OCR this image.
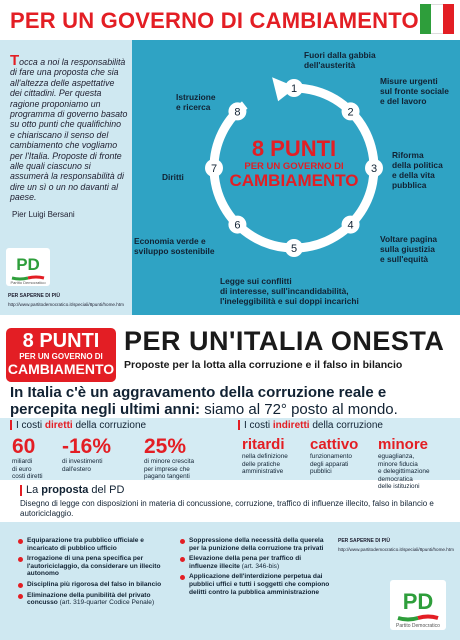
PER UN GOVERNO DI CAMBIAMENTO
Tocca a noi la responsabilità di fare una proposta che sia all'altezza delle aspettative dei cittadini. Per questa ragione proponiamo un programma di governo basato su otto punti che qualifichino e chiariscano il senso del cambiamento che vogliamo per l'Italia. Proposte di fronte alle quali ciascuno si assumerà la responsabilità di dire un sì o un no davanti al paese.
Pier Luigi Bersani
PD
Partito Democratico
PER SAPERNE DI PIÙ
http://www.partitodemocratico.it/speciali/8punti/home.htm
8 PUNTI
PER UN GOVERNO DI
CAMBIAMENTO
1
Fuori dalla gabbia dell'austerità
2
Misure urgenti sul fronte sociale e del lavoro
3
Riforma della politica e della vita pubblica
4
Voltare pagina sulla giustizia e sull'equità
5
Legge sui conflitti di interesse, sull'incandidabilità, l'ineleggibilità e sui doppi incarichi
6
Economia verde e sviluppo sostenibile
7
Diritti
8
Istruzione e ricerca
8 PUNTI
PER UN GOVERNO DI
CAMBIAMENTO
PER UN'ITALIA ONESTA
Proposte per la lotta alla corruzione e il falso in bilancio
In Italia c'è un aggravamento della corruzione reale e percepita negli ultimi anni: siamo al 72° posto al mondo.
I costi diretti della corruzione	I costi indiretti della corruzione
60
miliardi
di euro
costi diretti
-16%
di investimenti
dall'estero
25%
di minore crescita
per imprese che
pagano tangenti
ritardi
nella definizione
delle pratiche
amministrative
cattivo
funzionamento
degli apparati
pubblici
minore
eguaglianza,
minore fiducia
e delegittimazione
democratica
delle istituzioni
La proposta del PD
Disegno di legge con disposizioni in materia di concussione, corruzione, traffico di influenze illecito, falso in bilancio e autoriciclaggio.
Equiparazione tra pubblico ufficiale e incaricato di pubblico ufficio
Irrogazione di una pena specifica per l'autoriciclaggio, da considerare un illecito autonomo
Disciplina più rigorosa del falso in bilancio
Eliminazione della punibilità del privato concusso (art. 319-quarter Codice Penale)
Soppressione della necessità della querela per la punizione della corruzione tra privati
Elevazione della pena per traffico di influenze illecite (art. 346-bis)
Applicazione dell'interdizione perpetua dai pubblici uffici e tutti i soggetti che compiono delitti contro la pubblica amministrazione
PER SAPERNE DI PIÙ
http://www.partitodemocratico.it/speciali/8punti/home.htm
PD
Partito Democratico
